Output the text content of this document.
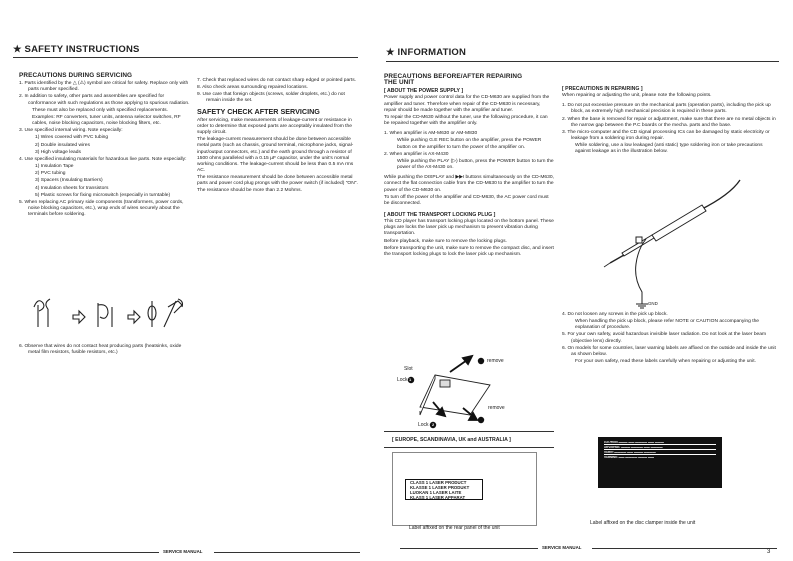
★ SAFETY INSTRUCTIONS
PRECAUTIONS DURING SERVICING

1. Parts identified by the △ (⚠) symbol are critical for safety. Replace only with parts number specified.

2. In addition to safety, other parts and assemblies are specified for conformance with such regulations as those applying to spurious radiation.

These must also be replaced only with specified replacements.

Examples: RF converters, tuner units, antenna selector switches, RF cables, noise blocking capacitors, noise blocking filters, etc.

3. Use specified internal wiring. Note especially:

1) Wires covered with PVC tubing

2) Double insulated wires

3) High voltage leads

4. Use specified insulating materials for hazardous live parts. Note especially:

1) Insulation Tape

2) PVC tubing

3) Spacers (Insulating Barriers)

4) Insulation sheets for transistors

5) Plastic screws for fixing microswitch (especially in turntable)

5. When replacing AC primary side components (transformers, power cords, noise blocking capacitors, etc.), wrap ends of wires securely about the terminals before soldering.

6. Observe that wires do not contact heat producing parts (heatsinks, oxide metal film resistors, fusible resistors, etc.)

7. Check that replaced wires do not contact sharp edged or pointed parts.

8. Also check areas surrounding repaired locations.

9. Use care that foreign objects (screws, solder droplets, etc.) do not remain inside the set.

SAFETY CHECK AFTER SERVICING

After servicing, make measurements of leakage-current or resistance in order to determine that exposed parts are acceptably insulated from the supply circuit.

The leakage-current measurement should be done between accessible metal parts (such as chassis, ground terminal, microphone jacks, signal-input/output connectors, etc.) and the earth ground through a resistor of 1500 ohms paralleled with a 0.15 µF capacitor, under the unit's normal working conditions. The leakage-current should be less than 0.5 mA rms AC.

The resistance measurement should be done between accessible metal parts and power cord plug prongs with the power switch (if included) "ON". The resistance should be more than 2.2 Mohms.

SERVICE MANUAL
★ INFORMATION
PRECAUTIONS BEFORE/AFTER REPAIRING
THE UNIT
[ ABOUT THE POWER SUPPLY ]

Power supply and power control data for the CD-M630 are supplied from the amplifier and tuner. Therefore when repair of the CD-M630 is necessary, repair should be made together with the amplifier and tuner.

To repair the CD-M630 without the tuner, use the following procedure, it can be repaired together with the amplifier only.

1. When amplifier is AM-M630 or AM-M830

While pushing G.E REC button on the amplifier, press the POWER button on the amplifier to turn the power of the amplifier on.

2. When amplifier is AX-M430

While pushing the PLAY (▷) button, press the POWER button to turn the power of the AX-M430 on.

While pushing the DISPLAY and ▶▶I buttons simultaneously on the CD-M630, connect the flat connection cable from the CD-M630 to the amplifier to turn the power of the CD-M630 on.

To turn off the power of the amplifier and CD-M630, the AC power cord must be disconnected.

[ ABOUT THE TRANSPORT LOCKING PLUG ]

This CD player has transport locking plugs located on the bottom panel. These plugs are locks the laser pick up mechanism to prevent vibration during transportation.

Before playback, make sure to remove the locking plugs.

Before transporting the unit, make sure to remove the compact disc, and insert the transport locking plugs to lock the laser pick up mechanism.

Slot
Lock 1
1 remove
2
remove
Lock 2
[ PRECAUTIONS IN REPAIRING ]

When repairing or adjusting the unit, please note the following points.

1. Do not put excessive pressure on the mechanical parts (operation parts), including the pick up block, as extremely high mechanical precision is required in these parts.

2. When the base is removed for repair or adjustment, make sure that there are no metal objects in the narrow gap between the P.C boards or the mecha. parts and the base.

3. The micro-computer and the CD signal processing ICs can be damaged by static electricity or leakage from a soldering iron during repair.

While soldering, use a low leakaged (anti static) type soldering iron or take precautions against leakage as in the illustration below.

GND

4. Do not loosen any screws in the pick up block.

When handling the pick up block, please refer NOTE or CAUTION accompanying the explanation of procedure.

5. For your own safety, avoid hazardous invisible laser radiation. Do not look at the laser beam (objective lens) directly.

6. On models for some countries, laser warning labels are affixed on the outside and inside the unit as shown below.

For your own safety, read these labels carefully when repairing or adjusting the unit.

[ EUROPE, SCANDINAVIA, UK and AUSTRALIA ]
CLASS 1 LASER PRODUCT
KLASSE 1 LASER PRODUKT
LUOKAN 1 LASER LAITE
KLASS 1 LASER APPARAT
Label affixed on the rear panel of the unit
CAUTION ▬▬▬ ▬▬ ▬▬▬▬ ▬▬ ▬▬▬
ADVARSEL ▬▬▬ ▬▬▬▬ ▬▬ ▬▬▬▬
VARO! ▬▬▬▬ ▬▬ ▬▬▬ ▬▬▬▬
VARNING ▬▬ ▬▬▬▬ ▬▬▬ ▬▬
Label affixed on the disc clamper inside the unit
SERVICE MANUAL
3
